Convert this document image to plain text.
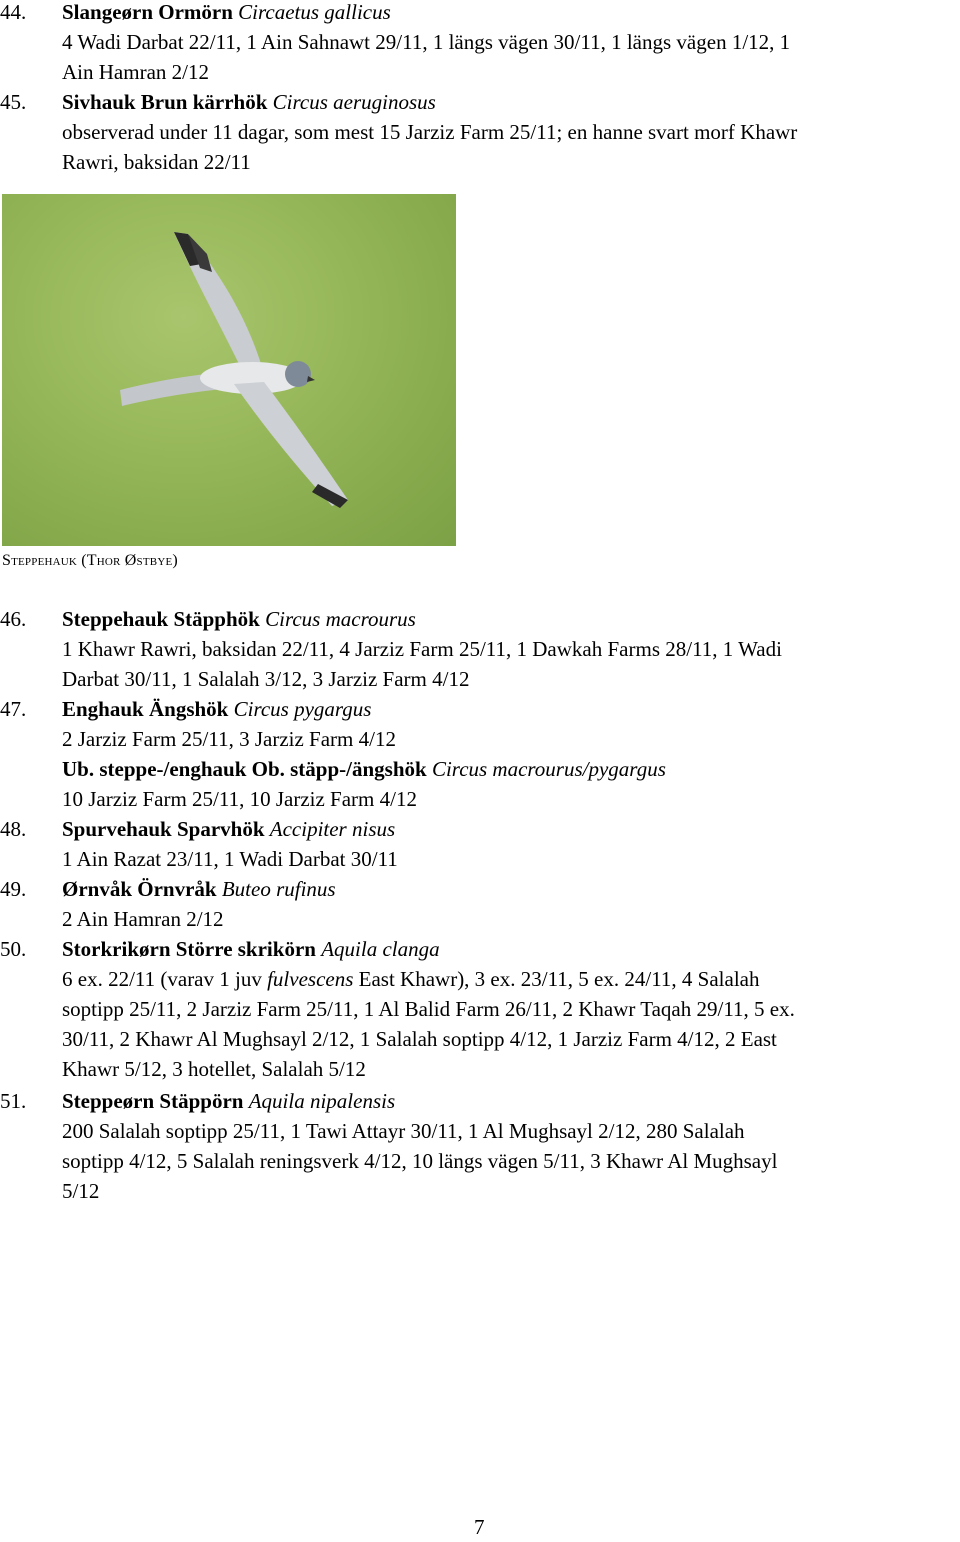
44. Slangeørn Ormörn Circaetus gallicus
4 Wadi Darbat 22/11, 1 Ain Sahnawt 29/11, 1 längs vägen 30/11, 1 längs vägen 1/12, 1
Ain Hamran 2/12
45. Sivhauk Brun kärrhök Circus aeruginosus
observerad under 11 dagar, som mest 15 Jarziz Farm 25/11; en hanne svart morf Khawr
Rawri, baksidan 22/11
Steppehauk (Thor Østbye)
46. Steppehauk Stäpphök Circus macrourus
1 Khawr Rawri, baksidan 22/11, 4 Jarziz Farm 25/11, 1 Dawkah Farms 28/11, 1 Wadi
Darbat 30/11, 1 Salalah 3/12, 3 Jarziz Farm 4/12
47. Enghauk Ängshök Circus pygargus
2 Jarziz Farm 25/11, 3 Jarziz Farm 4/12
Ub. steppe-/enghauk Ob. stäpp-/ängshök Circus macrourus/pygargus
10 Jarziz Farm 25/11, 10 Jarziz Farm 4/12
48. Spurvehauk Sparvhök Accipiter nisus
1 Ain Razat 23/11, 1 Wadi Darbat 30/11
49. Ørnvåk Örnvråk Buteo rufinus
2 Ain Hamran 2/12
50. Storkrikørn Större skrikörn Aquila clanga
6 ex. 22/11 (varav 1 juv fulvescens East Khawr), 3 ex. 23/11, 5 ex. 24/11, 4 Salalah
soptipp 25/11, 2 Jarziz Farm 25/11, 1 Al Balid Farm 26/11, 2 Khawr Taqah 29/11, 5 ex.
30/11, 2 Khawr Al Mughsayl 2/12, 1 Salalah soptipp 4/12, 1 Jarziz Farm 4/12, 2 East
Khawr 5/12, 3 hotellet, Salalah 5/12
51. Steppeørn Stäppörn Aquila nipalensis
200 Salalah soptipp 25/11, 1 Tawi Attayr 30/11, 1 Al Mughsayl 2/12, 280 Salalah
soptipp 4/12, 5 Salalah reningsverk 4/12, 10 längs vägen 5/11, 3 Khawr Al Mughsayl
5/12
7
